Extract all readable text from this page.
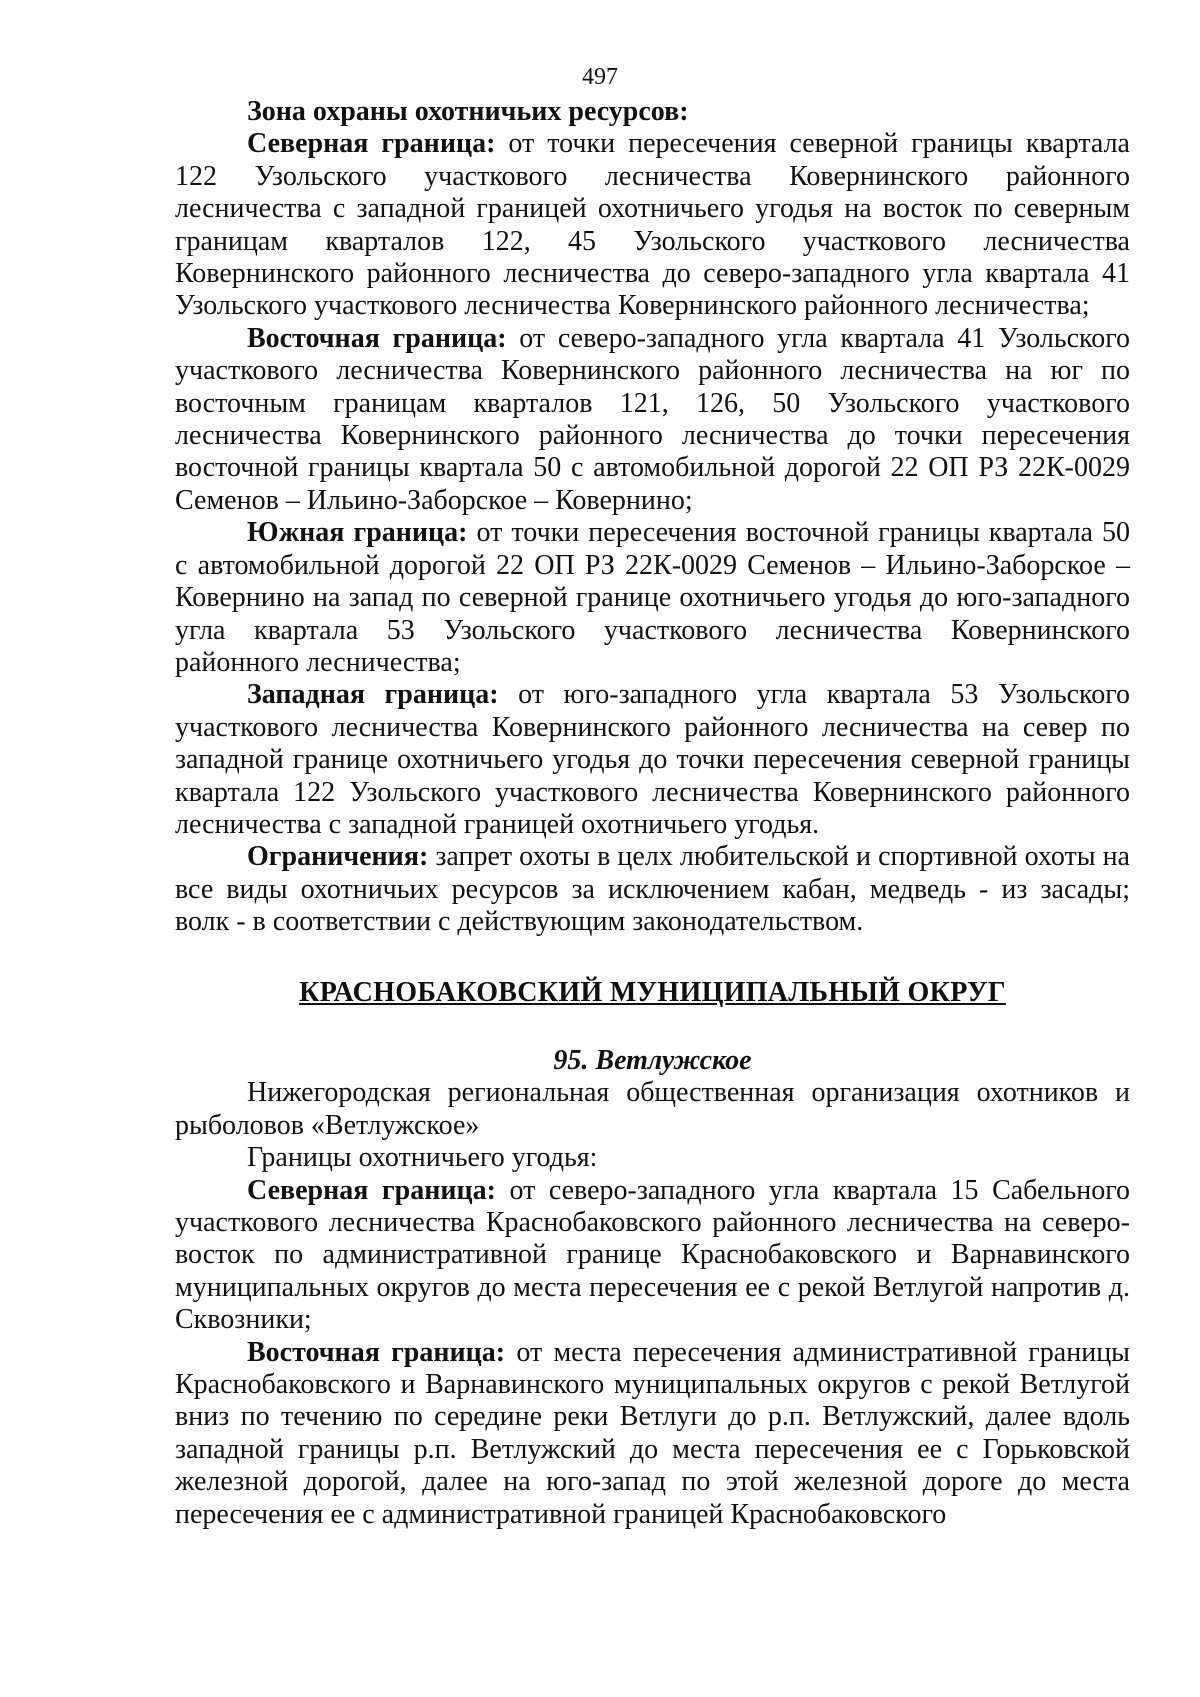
497

Зона охраны охотничьих ресурсов:

Северная граница: от точки пересечения северной границы квартала 122 Узольского участкового лесничества Ковернинского районного лесничества с западной границей охотничьего угодья на восток по северным границам кварталов 122, 45 Узольского участкового лесничества Ковернинского районного лесничества до северо-западного угла квартала 41 Узольского участкового лесничества Ковернинского районного лесничества;

Восточная граница: от северо-западного угла квартала 41 Узольского участкового лесничества Ковернинского районного лесничества на юг по восточным границам кварталов 121, 126, 50 Узольского участкового лесничества Ковернинского районного лесничества до точки пересечения восточной границы квартала 50 с автомобильной дорогой 22 ОП РЗ 22К-0029 Семенов – Ильино-Заборское – Ковернино;

Южная граница: от точки пересечения восточной границы квартала 50 с автомобильной дорогой 22 ОП РЗ 22К-0029 Семенов – Ильино-Заборское – Ковернино на запад по северной границе охотничьего угодья до юго-западного угла квартала 53 Узольского участкового лесничества Ковернинского районного лесничества;

Западная граница: от юго-западного угла квартала 53 Узольского участкового лесничества Ковернинского районного лесничества на север по западной границе охотничьего угодья до точки пересечения северной границы квартала 122 Узольского участкового лесничества Ковернинского районного лесничества с западной границей охотничьего угодья.

Ограничения: запрет охоты в целх любительской и спортивной охоты на все виды охотничьих ресурсов за исключением кабан, медведь - из засады; волк - в соответствии с действующим законодательством.

КРАСНОБАКОВСКИЙ МУНИЦИПАЛЬНЫЙ ОКРУГ

95. Ветлужское

Нижегородская региональная общественная организация охотников и рыболовов «Ветлужское»

Границы охотничьего угодья:

Северная граница: от северо-западного угла квартала 15 Сабельного участкового лесничества Краснобаковского районного лесничества на северо-восток по административной границе Краснобаковского и Варнавинского муниципальных округов до места пересечения ее с рекой Ветлугой напротив д. Сквозники;

Восточная граница: от места пересечения административной границы Краснобаковского и Варнавинского муниципальных округов с рекой Ветлугой вниз по течению по середине реки Ветлуги до р.п. Ветлужский, далее вдоль западной границы р.п. Ветлужский до места пересечения ее с Горьковской железной дорогой, далее на юго-запад по этой железной дороге до места пересечения ее с административной границей Краснобаковского
